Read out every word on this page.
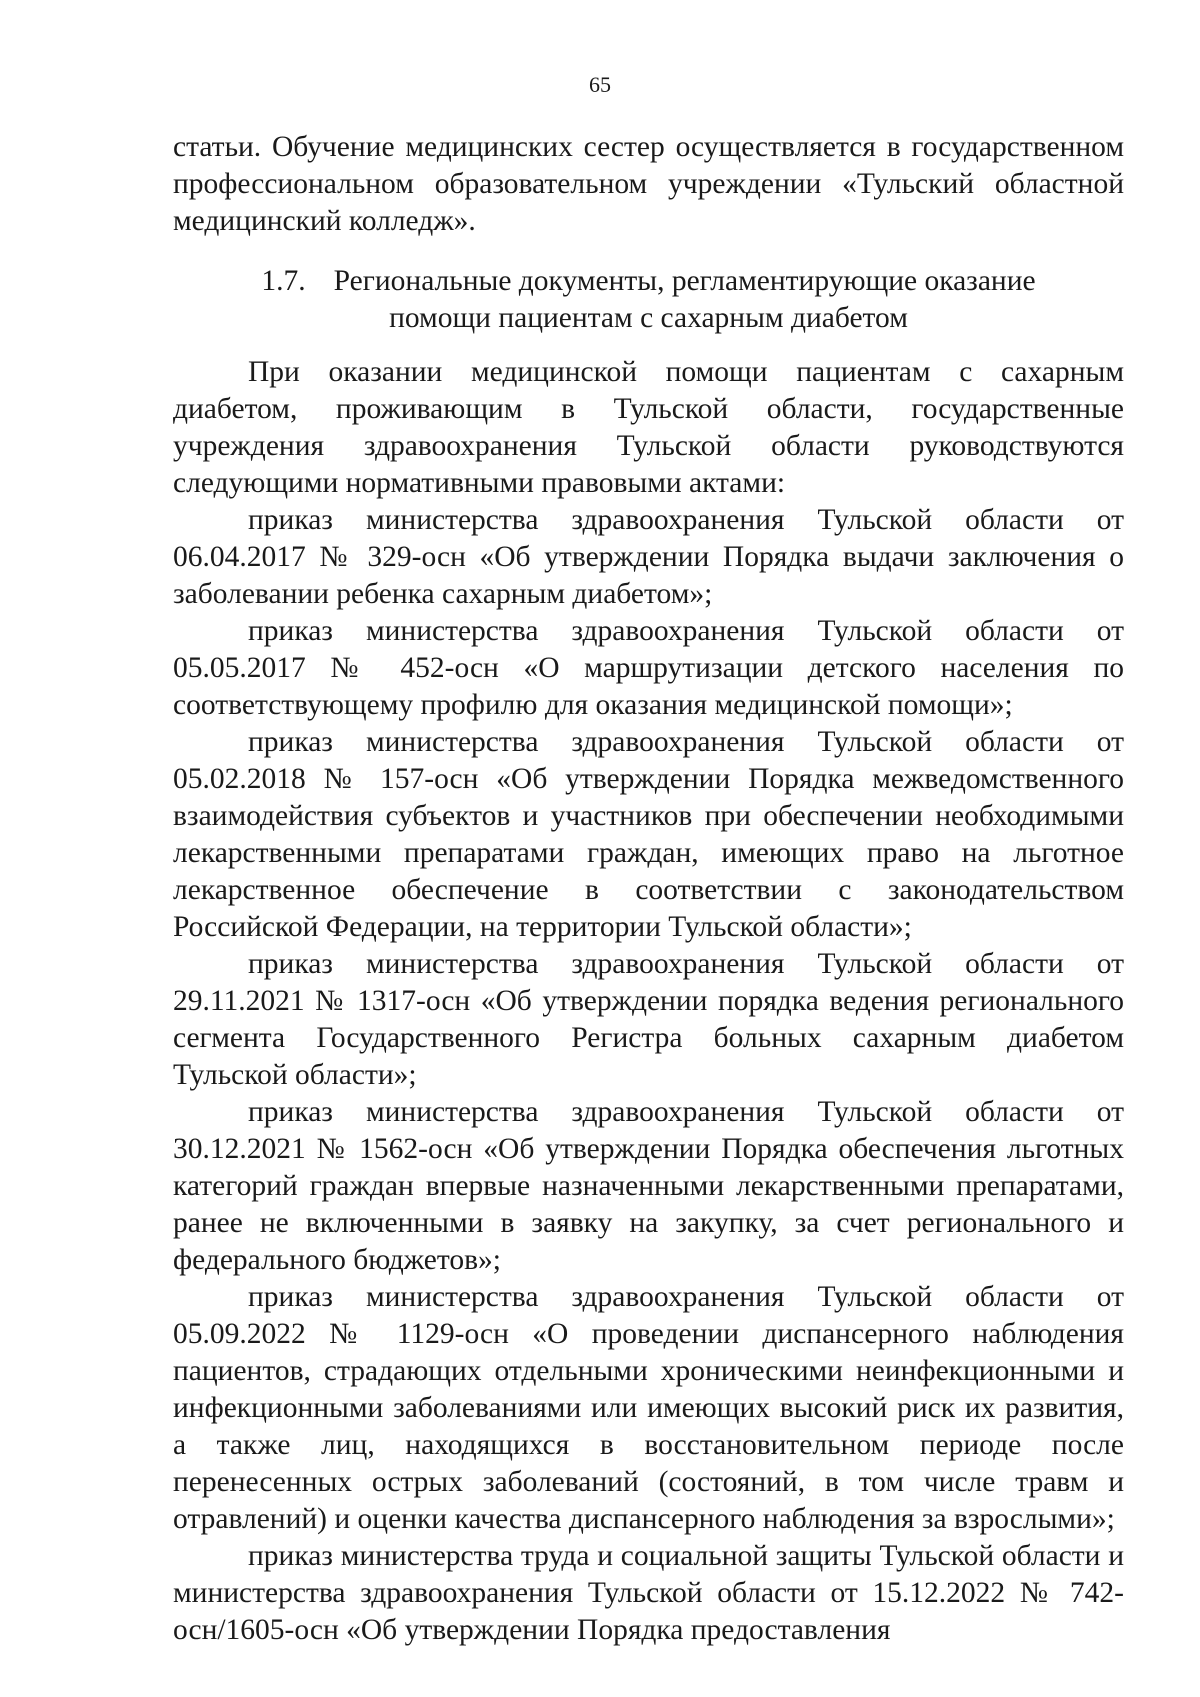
65

статьи. Обучение медицинских сестер осуществляется в государственном профессиональном образовательном учреждении «Тульский областной медицинский колледж».

1.7. Региональные документы, регламентирующие оказание
помощи пациентам с сахарным диабетом

При оказании медицинской помощи пациентам с сахарным диабетом, проживающим в Тульской области, государственные учреждения здравоохранения Тульской области руководствуются следующими нормативными правовыми актами:

приказ министерства здравоохранения Тульской области от 06.04.2017 № 329-осн «Об утверждении Порядка выдачи заключения о заболевании ребенка сахарным диабетом»;

приказ министерства здравоохранения Тульской области от 05.05.2017 № 452-осн «О маршрутизации детского населения по соответствующему профилю для оказания медицинской помощи»;

приказ министерства здравоохранения Тульской области от 05.02.2018 № 157-осн «Об утверждении Порядка межведомственного взаимодействия субъектов и участников при обеспечении необходимыми лекарственными препаратами граждан, имеющих право на льготное лекарственное обеспечение в соответствии с законодательством Российской Федерации, на территории Тульской области»;

приказ министерства здравоохранения Тульской области от 29.11.2021 № 1317-осн «Об утверждении порядка ведения регионального сегмента Государственного Регистра больных сахарным диабетом Тульской области»;

приказ министерства здравоохранения Тульской области от 30.12.2021 № 1562-осн «Об утверждении Порядка обеспечения льготных категорий граждан впервые назначенными лекарственными препаратами, ранее не включенными в заявку на закупку, за счет регионального и федерального бюджетов»;

приказ министерства здравоохранения Тульской области от 05.09.2022 № 1129-осн «О проведении диспансерного наблюдения пациентов, страдающих отдельными хроническими неинфекционными и инфекционными заболеваниями или имеющих высокий риск их развития, а также лиц, находящихся в восстановительном периоде после перенесенных острых заболеваний (состояний, в том числе травм и отравлений) и оценки качества диспансерного наблюдения за взрослыми»;

приказ министерства труда и социальной защиты Тульской области и министерства здравоохранения Тульской области от 15.12.2022 № 742-осн/1605-осн «Об утверждении Порядка предоставления
